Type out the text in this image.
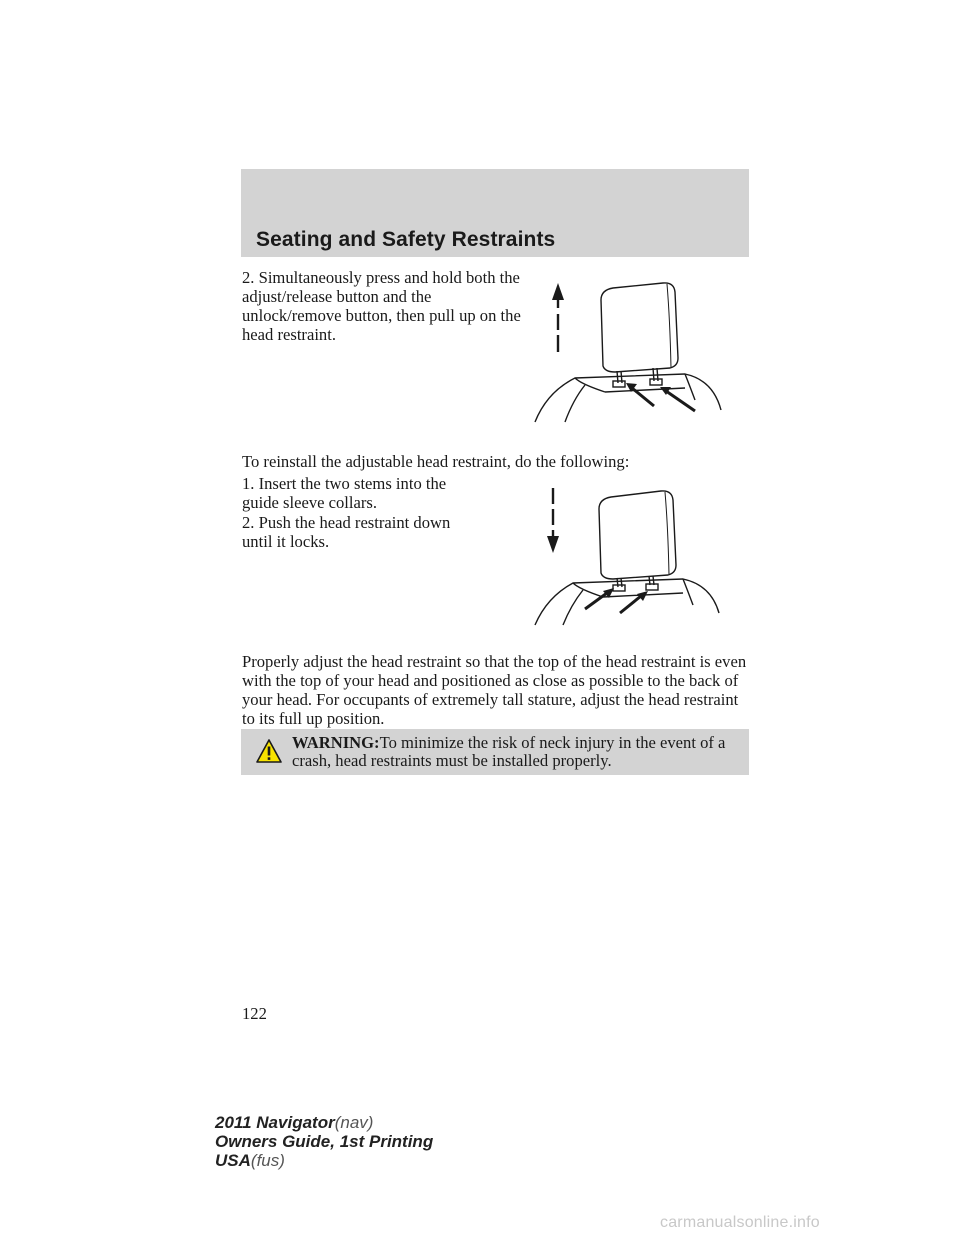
Seating and Safety Restraints

2. Simultaneously press and hold both the adjust/release button and the unlock/remove button, then pull up on the head restraint.

To reinstall the adjustable head restraint, do the following:

1. Insert the two stems into the guide sleeve collars.

2. Push the head restraint down until it locks.

Properly adjust the head restraint so that the top of the head restraint is even with the top of your head and positioned as close as possible to the back of your head. For occupants of extremely tall stature, adjust the head restraint to its full up position.

WARNING:To minimize the risk of neck injury in the event of a crash, head restraints must be installed properly.

122
2011 Navigator(nav)
Owners Guide, 1st Printing
USA(fus)
carmanualsonline.info
